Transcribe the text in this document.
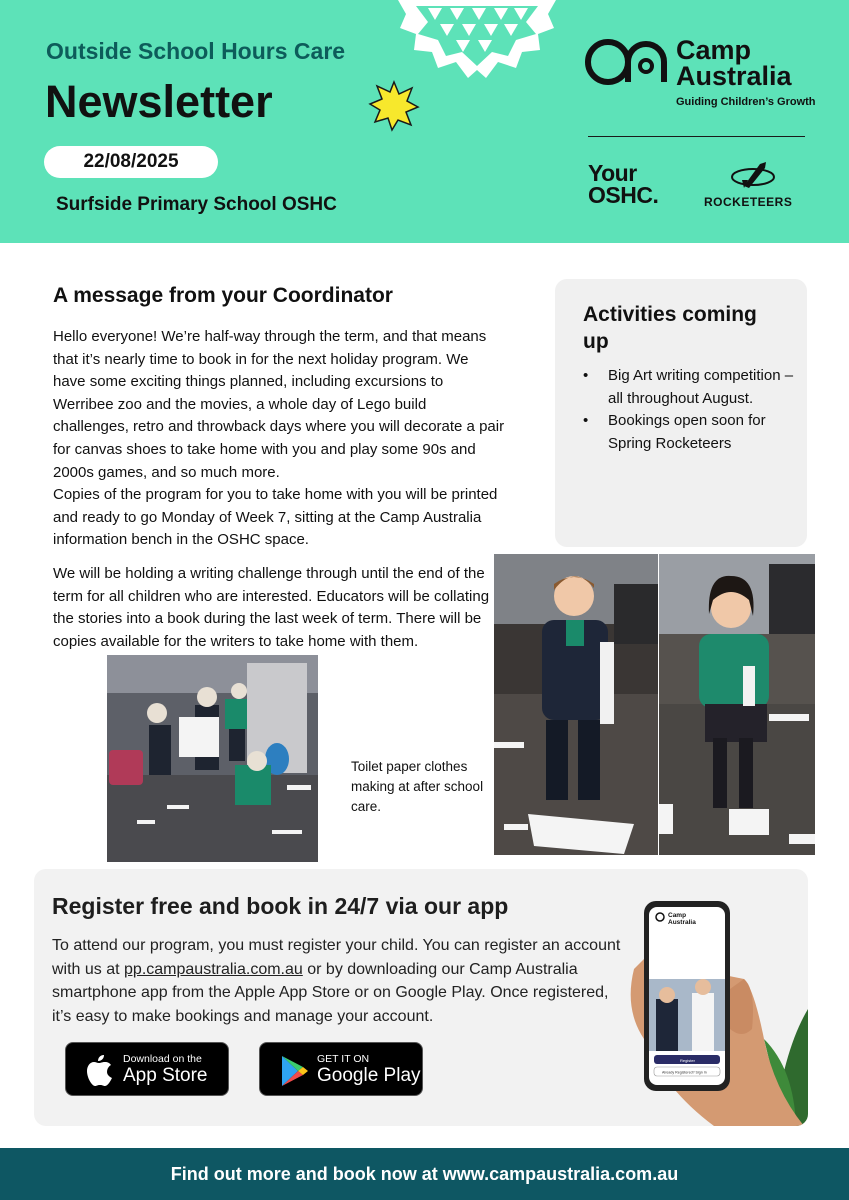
Outside School Hours Care
Newsletter
22/08/2025
Surfside Primary School OSHC
Camp
Australia
Guiding Children’s Growth
Your
OSHC.	ROCKETEERS
A message from your Coordinator

Hello everyone! We’re half-way through the term, and that means that it’s nearly time to book in for the next holiday program. We have some exciting things planned, including excursions to Werribee zoo and the movies, a whole day of Lego build challenges, retro and throwback days where you will decorate a pair for canvas shoes to take home with you and play some 90s and 2000s games, and so much more.

Copies of the program for you to take home with you will be printed and ready to go Monday of Week 7, sitting at the Camp Australia information bench in the OSHC space.

We will be holding a writing challenge through until the end of the term for all children who are interested. Educators will be collating the stories into a book during the last week of term. There will be copies available for the writers to take home with them.
Activities coming up
• Big Art writing competition – all throughout August.
• Bookings open soon for Spring Rocketeers
Toilet paper clothes making at after school care.
Register free and book in 24/7 via our app

To attend our program, you must register your child. You can register an account with us at pp.campaustralia.com.au or by downloading our Camp Australia smartphone app from the Apple App Store or on Google Play. Once registered, it’s easy to make bookings and manage your account.

Download on the
App Store
GET IT ON
Google Play
Camp
Australia
Register
Already Registered? Sign In
Find out more and book now at www.campaustralia.com.au
